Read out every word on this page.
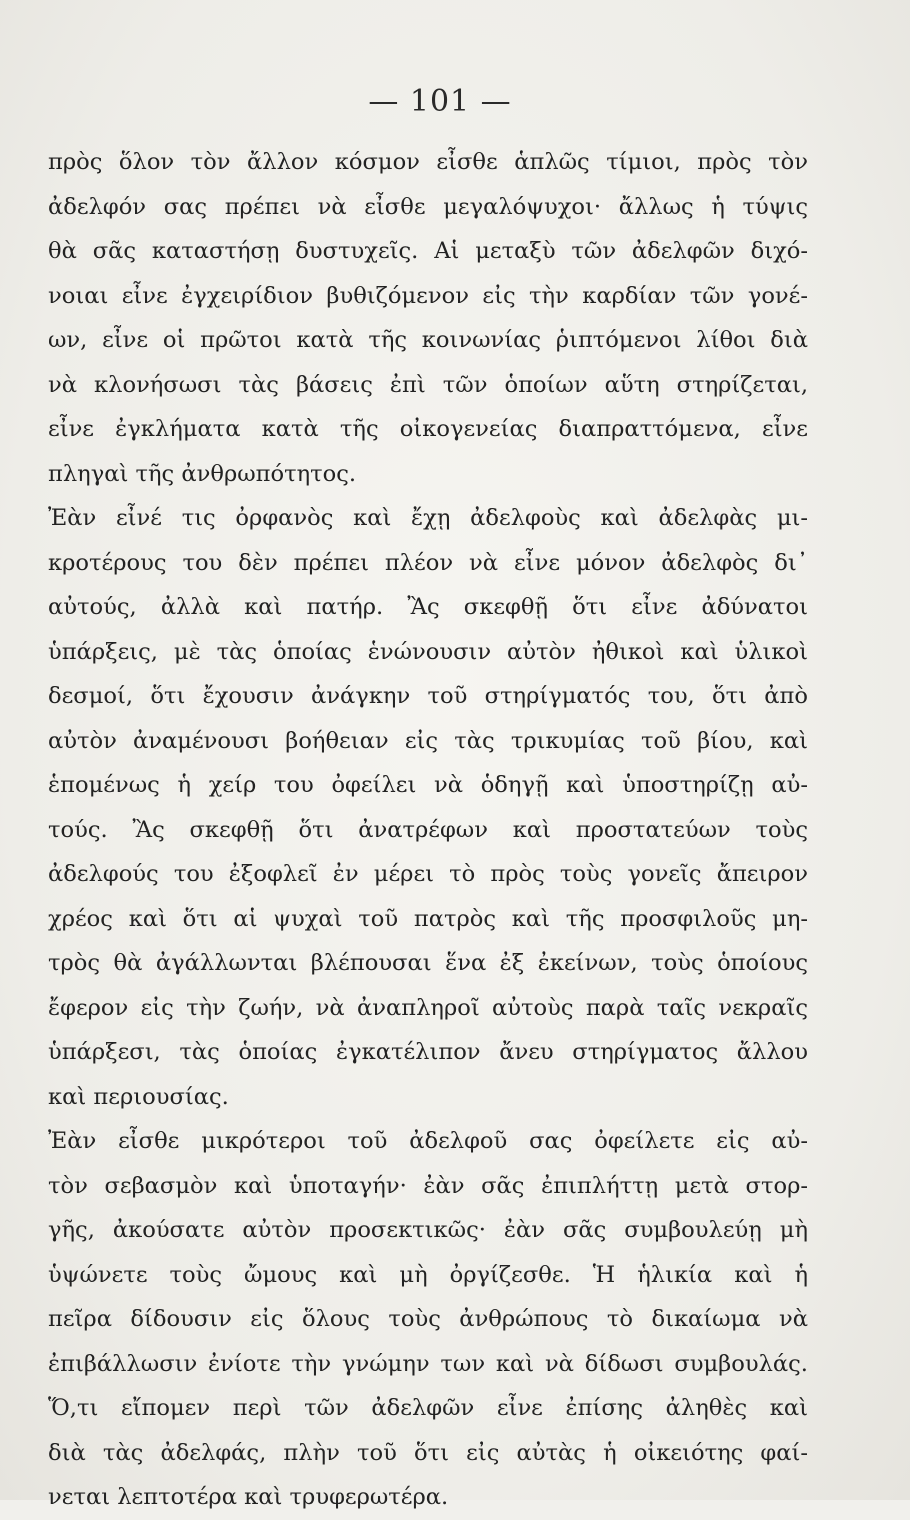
— 101 —
πρὸς ὅλον τὸν ἄλλον κόσμον εἶσθε ἁπλῶς τίμιοι, πρὸς τὸν
ἀδελφόν σας πρέπει νὰ εἶσθε μεγαλόψυχοι· ἄλλως ἡ τύψις
θὰ σᾶς καταστήσῃ δυστυχεῖς. Αἱ μεταξὺ τῶν ἀδελφῶν διχό-
νοιαι εἶνε ἐγχειρίδιον βυθιζόμενον εἰς τὴν καρδίαν τῶν γονέ-
ων, εἶνε οἱ πρῶτοι κατὰ τῆς κοινωνίας ῥιπτόμενοι λίθοι διὰ
νὰ κλονήσωσι τὰς βάσεις ἐπὶ τῶν ὁποίων αὕτη στηρίζεται,
εἶνε ἐγκλήματα κατὰ τῆς οἰκογενείας διαπραττόμενα, εἶνε
πληγαὶ τῆς ἀνθρωπότητος.
Ἐὰν εἶνέ τις ὀρφανὸς καὶ ἔχῃ ἀδελφοὺς καὶ ἀδελφὰς μι-
κροτέρους του δὲν πρέπει πλέον νὰ εἶνε μόνον ἀδελφὸς δι᾽
αὐτούς, ἀλλὰ καὶ πατήρ. Ἂς σκεφθῇ ὅτι εἶνε ἀδύνατοι
ὑπάρξεις, μὲ τὰς ὁποίας ἑνώνουσιν αὐτὸν ἠθικοὶ καὶ ὑλικοὶ
δεσμοί, ὅτι ἔχουσιν ἀνάγκην τοῦ στηρίγματός του, ὅτι ἀπὸ
αὐτὸν ἀναμένουσι βοήθειαν εἰς τὰς τρικυμίας τοῦ βίου, καὶ
ἑπομένως ἡ χείρ του ὀφείλει νὰ ὁδηγῇ καὶ ὑποστηρίζῃ αὐ-
τούς. Ἂς σκεφθῇ ὅτι ἀνατρέφων καὶ προστατεύων τοὺς
ἀδελφούς του ἐξοφλεῖ ἐν μέρει τὸ πρὸς τοὺς γονεῖς ἄπειρον
χρέος καὶ ὅτι αἱ ψυχαὶ τοῦ πατρὸς καὶ τῆς προσφιλοῦς μη-
τρὸς θὰ ἀγάλλωνται βλέπουσαι ἕνα ἐξ ἐκείνων, τοὺς ὁποίους
ἔφερον εἰς τὴν ζωήν, νὰ ἀναπληροῖ αὐτοὺς παρὰ ταῖς νεκραῖς
ὑπάρξεσι, τὰς ὁποίας ἐγκατέλιπον ἄνευ στηρίγματος ἄλλου
καὶ περιουσίας.
Ἐὰν εἶσθε μικρότεροι τοῦ ἀδελφοῦ σας ὀφείλετε εἰς αὐ-
τὸν σεβασμὸν καὶ ὑποταγήν· ἐὰν σᾶς ἐπιπλήττῃ μετὰ στορ-
γῆς, ἀκούσατε αὐτὸν προσεκτικῶς· ἐὰν σᾶς συμβουλεύῃ μὴ
ὑψώνετε τοὺς ὤμους καὶ μὴ ὀργίζεσθε. Ἡ ἡλικία καὶ ἡ
πεῖρα δίδουσιν εἰς ὅλους τοὺς ἀνθρώπους τὸ δικαίωμα νὰ
ἐπιβάλλωσιν ἐνίοτε τὴν γνώμην των καὶ νὰ δίδωσι συμβουλάς.
Ὅ,τι εἴπομεν περὶ τῶν ἀδελφῶν εἶνε ἐπίσης ἀληθὲς καὶ
διὰ τὰς ἀδελφάς, πλὴν τοῦ ὅτι εἰς αὐτὰς ἡ οἰκειότης φαί-
νεται λεπτοτέρα καὶ τρυφερωτέρα.
